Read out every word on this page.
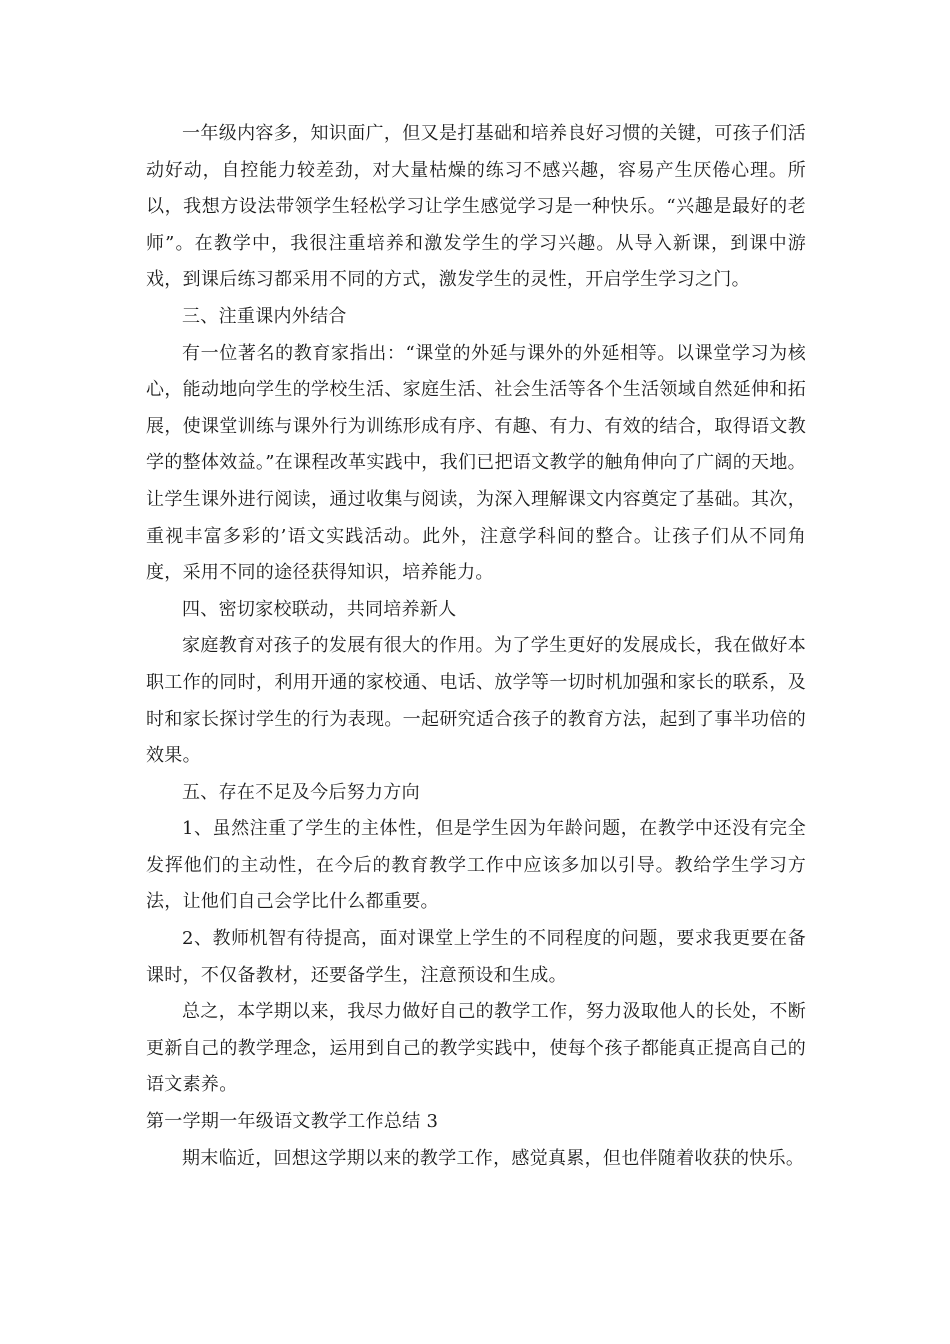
一年级内容多，知识面广，但又是打基础和培养良好习惯的关键，可孩子们活动好动，自控能力较差劲，对大量枯燥的练习不感兴趣，容易产生厌倦心理。所以，我想方设法带领学生轻松学习让学生感觉学习是一种快乐。“兴趣是最好的老师”。在教学中，我很注重培养和激发学生的学习兴趣。从导入新课，到课中游戏，到课后练习都采用不同的方式，激发学生的灵性，开启学生学习之门。

三、注重课内外结合

有一位著名的教育家指出：“课堂的外延与课外的外延相等。以课堂学习为核心，能动地向学生的学校生活、家庭生活、社会生活等各个生活领域自然延伸和拓展，使课堂训练与课外行为训练形成有序、有趣、有力、有效的结合，取得语文教学的整体效益。”在课程改革实践中，我们已把语文教学的触角伸向了广阔的天地。让学生课外进行阅读，通过收集与阅读，为深入理解课文内容奠定了基础。其次，重视丰富多彩的’语文实践活动。此外，注意学科间的整合。让孩子们从不同角度，采用不同的途径获得知识，培养能力。

四、密切家校联动，共同培养新人

家庭教育对孩子的发展有很大的作用。为了学生更好的发展成长，我在做好本职工作的同时，利用开通的家校通、电话、放学等一切时机加强和家长的联系，及时和家长探讨学生的行为表现。一起研究适合孩子的教育方法，起到了事半功倍的效果。

五、存在不足及今后努力方向

1、虽然注重了学生的主体性，但是学生因为年龄问题，在教学中还没有完全发挥他们的主动性，在今后的教育教学工作中应该多加以引导。教给学生学习方法，让他们自己会学比什么都重要。

2、教师机智有待提高，面对课堂上学生的不同程度的问题，要求我更要在备课时，不仅备教材，还要备学生，注意预设和生成。

总之，本学期以来，我尽力做好自己的教学工作，努力汲取他人的长处，不断更新自己的教学理念，运用到自己的教学实践中，使每个孩子都能真正提高自己的语文素养。

第一学期一年级语文教学工作总结 3

期末临近，回想这学期以来的教学工作，感觉真累，但也伴随着收获的快乐。
